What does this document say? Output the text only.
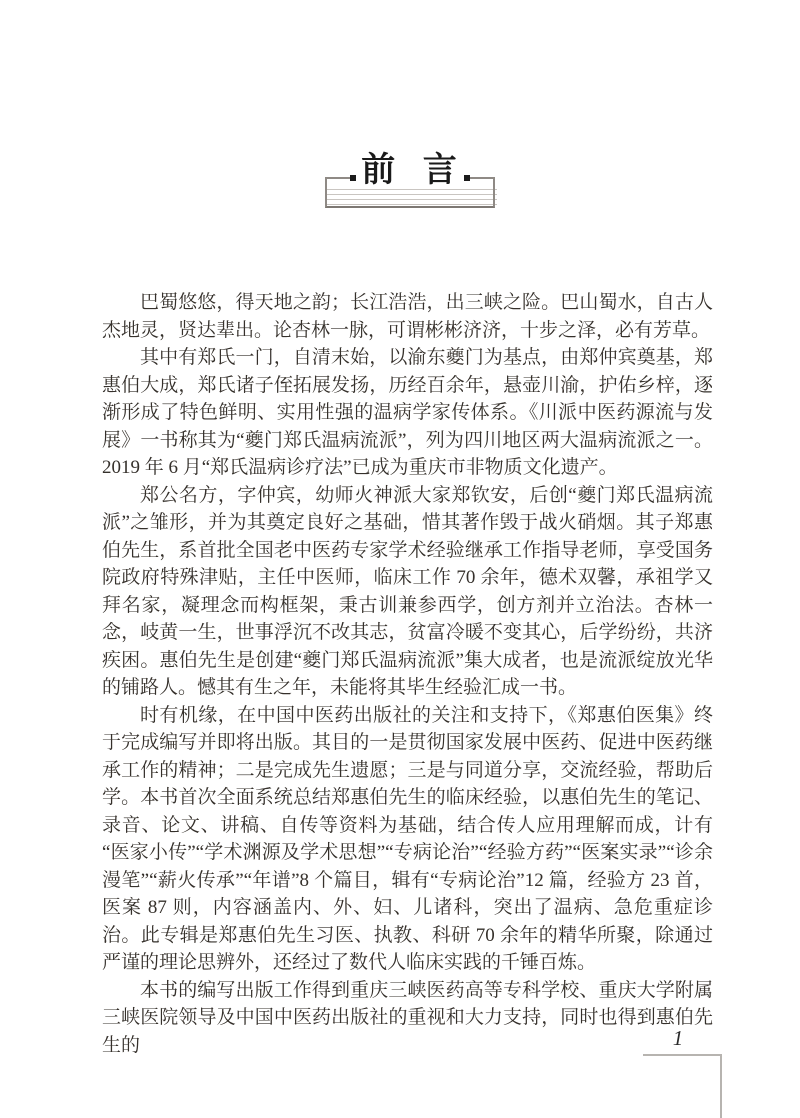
前 言

巴蜀悠悠，得天地之韵；长江浩浩，出三峡之险。巴山蜀水，自古人杰地灵，贤达辈出。论杏林一脉，可谓彬彬济济，十步之泽，必有芳草。

其中有郑氏一门，自清末始，以渝东夔门为基点，由郑仲宾奠基，郑惠伯大成，郑氏诸子侄拓展发扬，历经百余年，悬壶川渝，护佑乡梓，逐渐形成了特色鲜明、实用性强的温病学家传体系。《川派中医药源流与发展》一书称其为“夔门郑氏温病流派”，列为四川地区两大温病流派之一。2019 年 6 月“郑氏温病诊疗法”已成为重庆市非物质文化遗产。

郑公名方，字仲宾，幼师火神派大家郑钦安，后创“夔门郑氏温病流派”之雏形，并为其奠定良好之基础，惜其著作毁于战火硝烟。其子郑惠伯先生，系首批全国老中医药专家学术经验继承工作指导老师，享受国务院政府特殊津贴，主任中医师，临床工作 70 余年，德术双馨，承祖学又拜名家，凝理念而构框架，秉古训兼参西学，创方剂并立治法。杏林一念，岐黄一生，世事浮沉不改其志，贫富冷暖不变其心，后学纷纷，共济疾困。惠伯先生是创建“夔门郑氏温病流派”集大成者，也是流派绽放光华的铺路人。憾其有生之年，未能将其毕生经验汇成一书。

时有机缘，在中国中医药出版社的关注和支持下，《郑惠伯医集》终于完成编写并即将出版。其目的一是贯彻国家发展中医药、促进中医药继承工作的精神；二是完成先生遗愿；三是与同道分享，交流经验，帮助后学。本书首次全面系统总结郑惠伯先生的临床经验，以惠伯先生的笔记、录音、论文、讲稿、自传等资料为基础，结合传人应用理解而成，计有“医家小传”“学术渊源及学术思想”“专病论治”“经验方药”“医案实录”“诊余漫笔”“薪火传承”“年谱”8 个篇目，辑有“专病论治”12 篇，经验方 23 首，医案 87 则，内容涵盖内、外、妇、儿诸科，突出了温病、急危重症诊治。此专辑是郑惠伯先生习医、执教、科研 70 余年的精华所聚，除通过严谨的理论思辨外，还经过了数代人临床实践的千锤百炼。

本书的编写出版工作得到重庆三峡医药高等专科学校、重庆大学附属三峡医院领导及中国中医药出版社的重视和大力支持，同时也得到惠伯先生的	1
